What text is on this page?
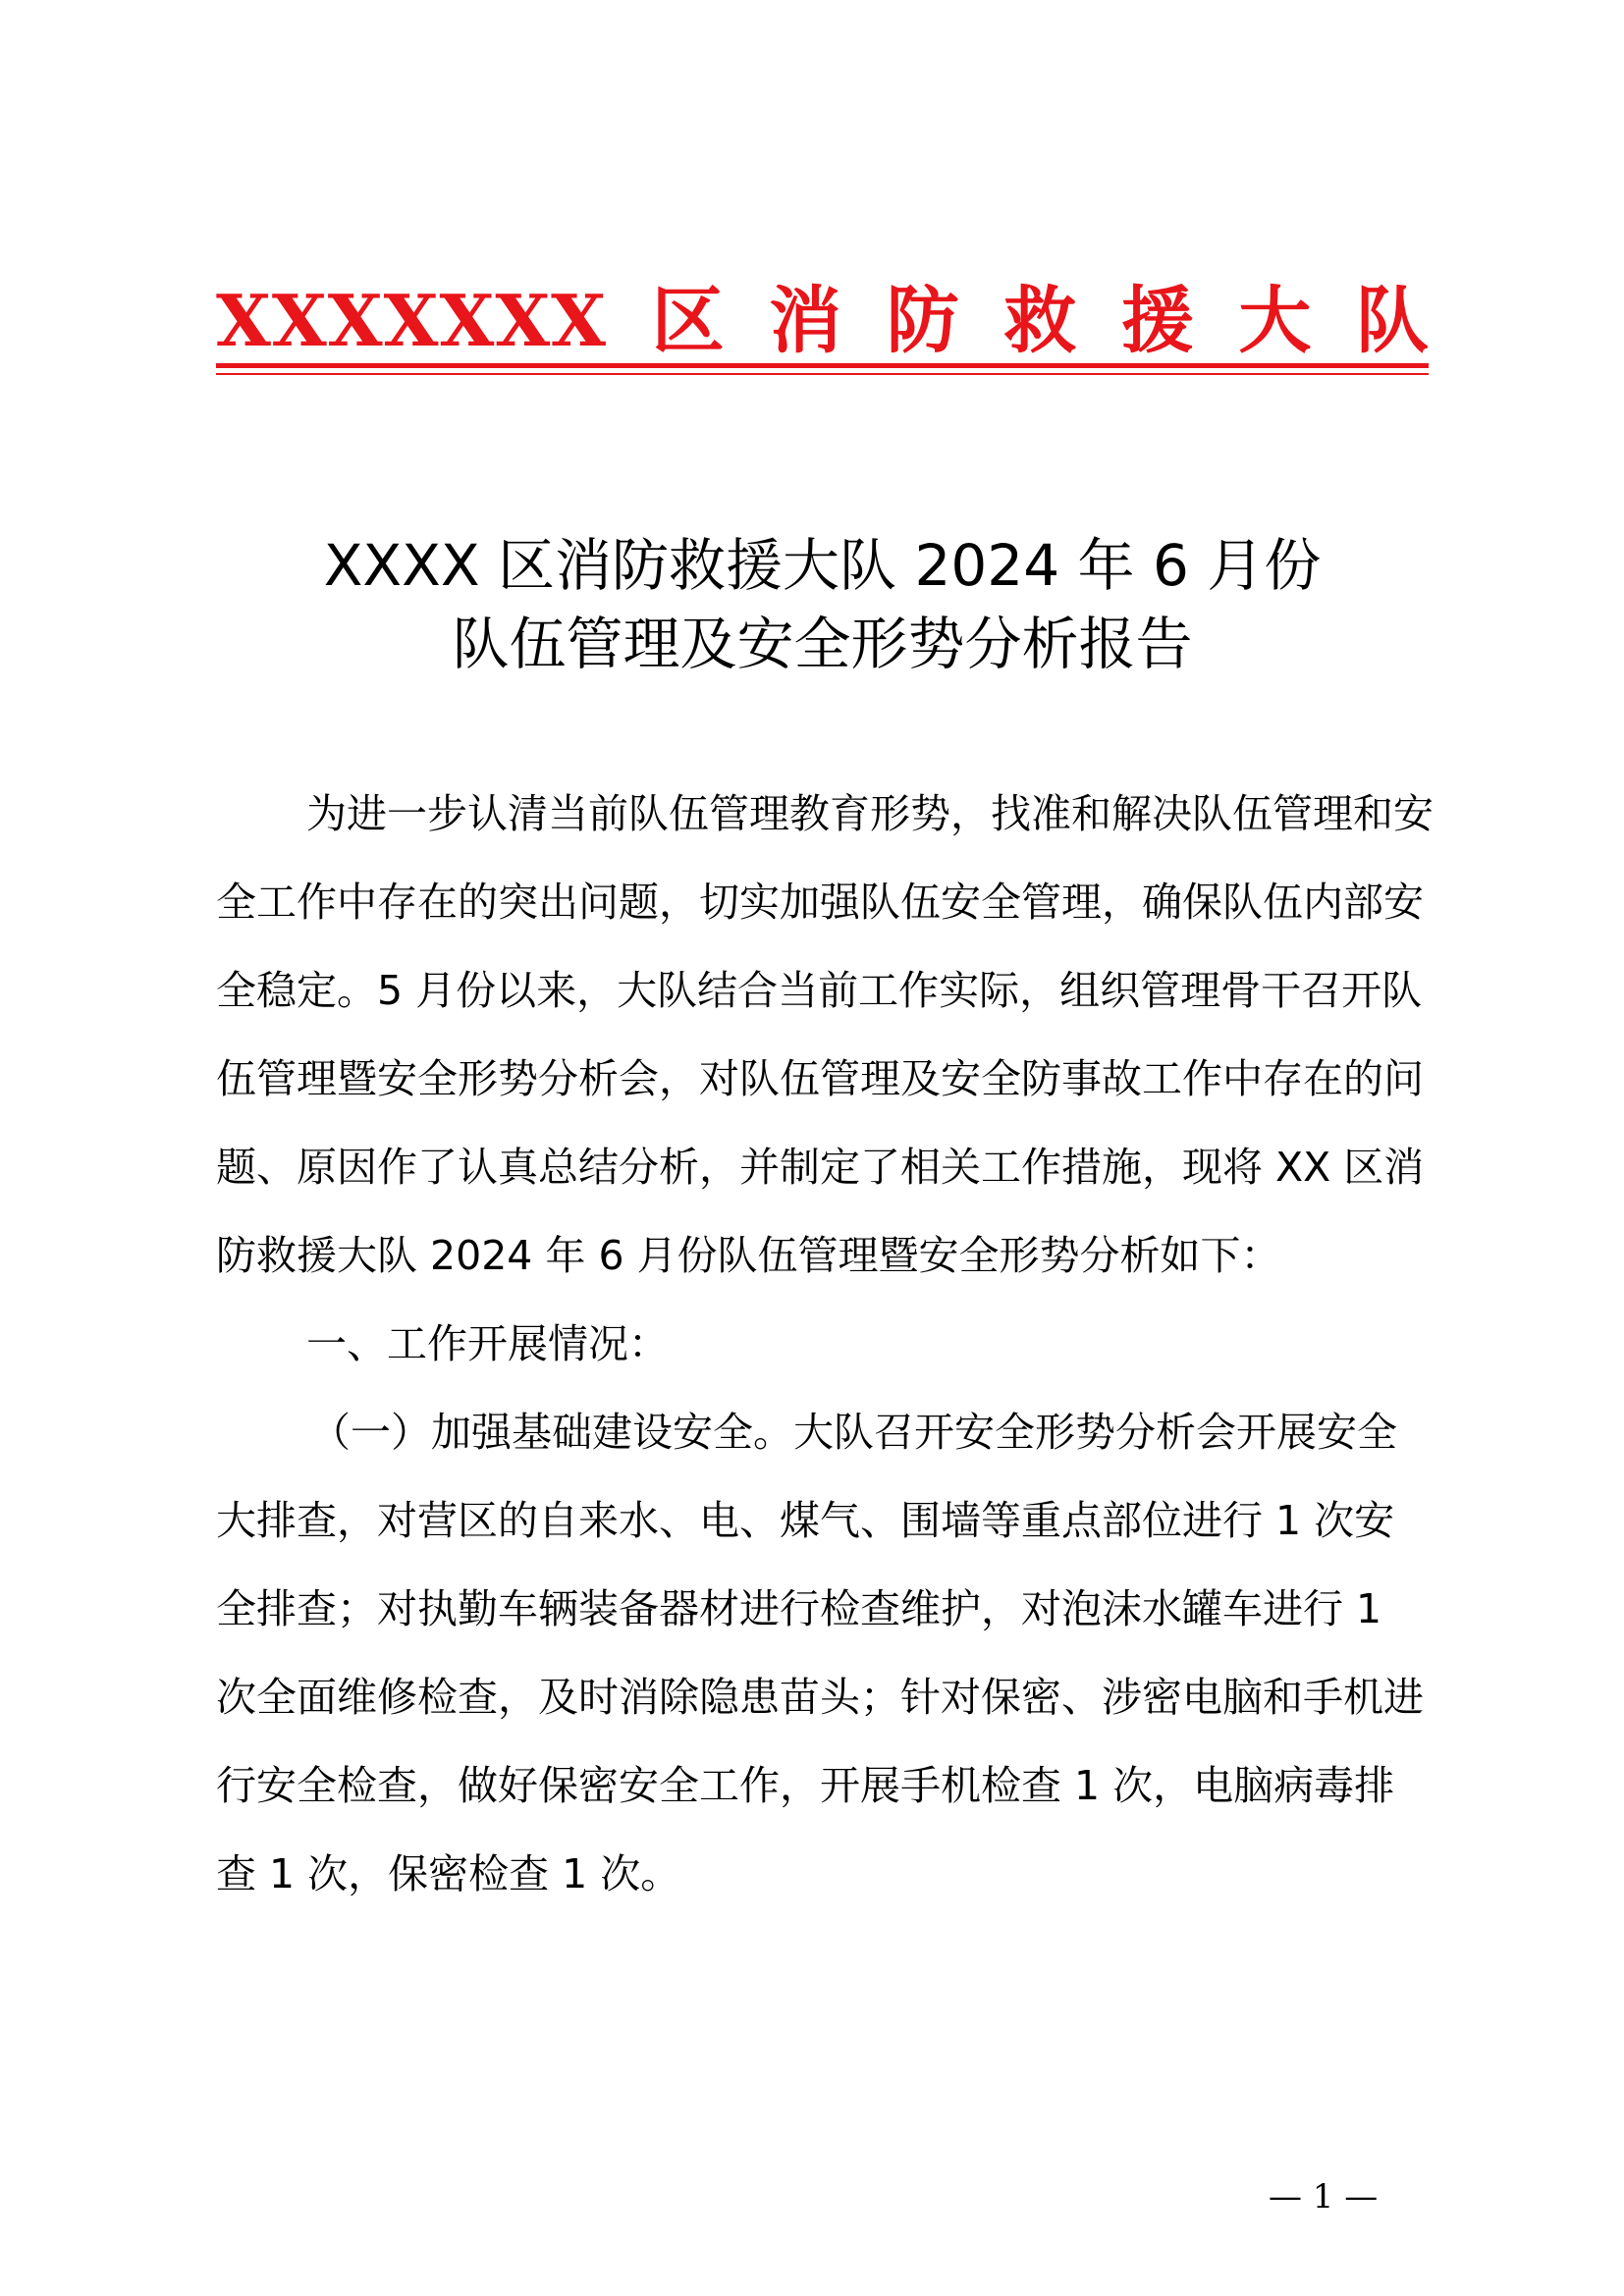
XXXXXXX 区 消 防 救 援 大 队
XXXX 区消防救援大队 2024 年 6 月份
队伍管理及安全形势分析报告

为进一步认清当前队伍管理教育形势，找准和解决队伍管理和安全工作中存在的突出问题，切实加强队伍安全管理，确保队伍内部安全稳定。5 月份以来，大队结合当前工作实际，组织管理骨干召开队伍管理暨安全形势分析会，对队伍管理及安全防事故工作中存在的问题、原因作了认真总结分析，并制定了相关工作措施，现将 XX 区消防救援大队 2024 年 6 月份队伍管理暨安全形势分析如下：

一、工作开展情况：

（一）加强基础建设安全。大队召开安全形势分析会开展安全大排查，对营区的自来水、电、煤气、围墙等重点部位进行 1 次安全排查；对执勤车辆装备器材进行检查维护，对泡沫水罐车进行 1 次全面维修检查，及时消除隐患苗头；针对保密、涉密电脑和手机进行安全检查，做好保密安全工作，开展手机检查 1 次，电脑病毒排查 1 次，保密检查 1 次。

— 1 —
